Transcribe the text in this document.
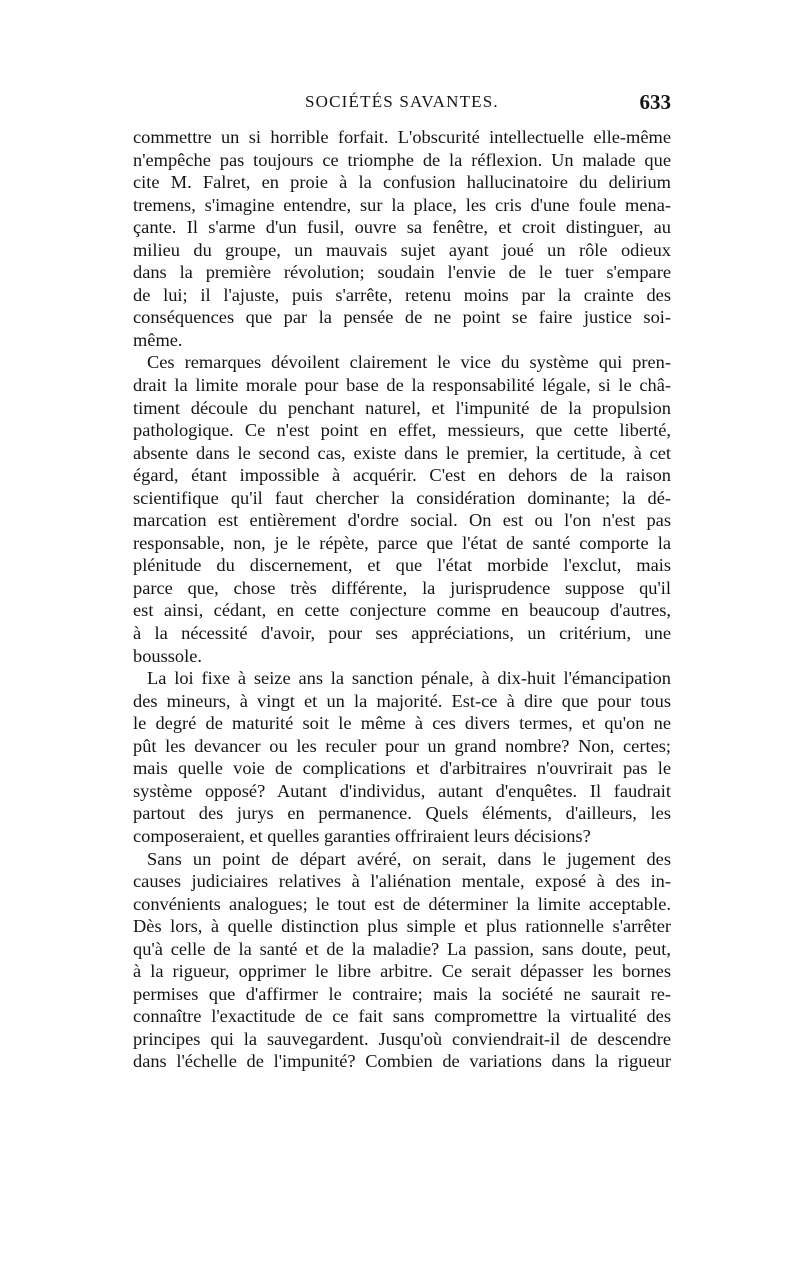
SOCIÉTÉS SAVANTES.	633
commettre un si horrible forfait. L'obscurité intellectuelle elle-même
n'empêche pas toujours ce triomphe de la réflexion. Un malade que
cite M. Falret, en proie à la confusion hallucinatoire du delirium
tremens, s'imagine entendre, sur la place, les cris d'une foule mena-
çante. Il s'arme d'un fusil, ouvre sa fenêtre, et croit distinguer, au
milieu du groupe, un mauvais sujet ayant joué un rôle odieux
dans la première révolution; soudain l'envie de le tuer s'empare
de lui; il l'ajuste, puis s'arrête, retenu moins par la crainte des
conséquences que par la pensée de ne point se faire justice soi-
même.
Ces remarques dévoilent clairement le vice du système qui pren-
drait la limite morale pour base de la responsabilité légale, si le châ-
timent découle du penchant naturel, et l'impunité de la propulsion
pathologique. Ce n'est point en effet, messieurs, que cette liberté,
absente dans le second cas, existe dans le premier, la certitude, à cet
égard, étant impossible à acquérir. C'est en dehors de la raison
scientifique qu'il faut chercher la considération dominante; la dé-
marcation est entièrement d'ordre social. On est ou l'on n'est pas
responsable, non, je le répète, parce que l'état de santé comporte la
plénitude du discernement, et que l'état morbide l'exclut, mais
parce que, chose très différente, la jurisprudence suppose qu'il
est ainsi, cédant, en cette conjecture comme en beaucoup d'autres,
à la nécessité d'avoir, pour ses appréciations, un critérium, une
boussole.
La loi fixe à seize ans la sanction pénale, à dix-huit l'émancipation
des mineurs, à vingt et un la majorité. Est-ce à dire que pour tous
le degré de maturité soit le même à ces divers termes, et qu'on ne
pût les devancer ou les reculer pour un grand nombre? Non, certes;
mais quelle voie de complications et d'arbitraires n'ouvrirait pas le
système opposé? Autant d'individus, autant d'enquêtes. Il faudrait
partout des jurys en permanence. Quels éléments, d'ailleurs, les
composeraient, et quelles garanties offriraient leurs décisions?
Sans un point de départ avéré, on serait, dans le jugement des
causes judiciaires relatives à l'aliénation mentale, exposé à des in-
convénients analogues; le tout est de déterminer la limite acceptable.
Dès lors, à quelle distinction plus simple et plus rationnelle s'arrêter
qu'à celle de la santé et de la maladie? La passion, sans doute, peut,
à la rigueur, opprimer le libre arbitre. Ce serait dépasser les bornes
permises que d'affirmer le contraire; mais la société ne saurait re-
connaître l'exactitude de ce fait sans compromettre la virtualité des
principes qui la sauvegardent. Jusqu'où conviendrait-il de descendre
dans l'échelle de l'impunité? Combien de variations dans la rigueur
